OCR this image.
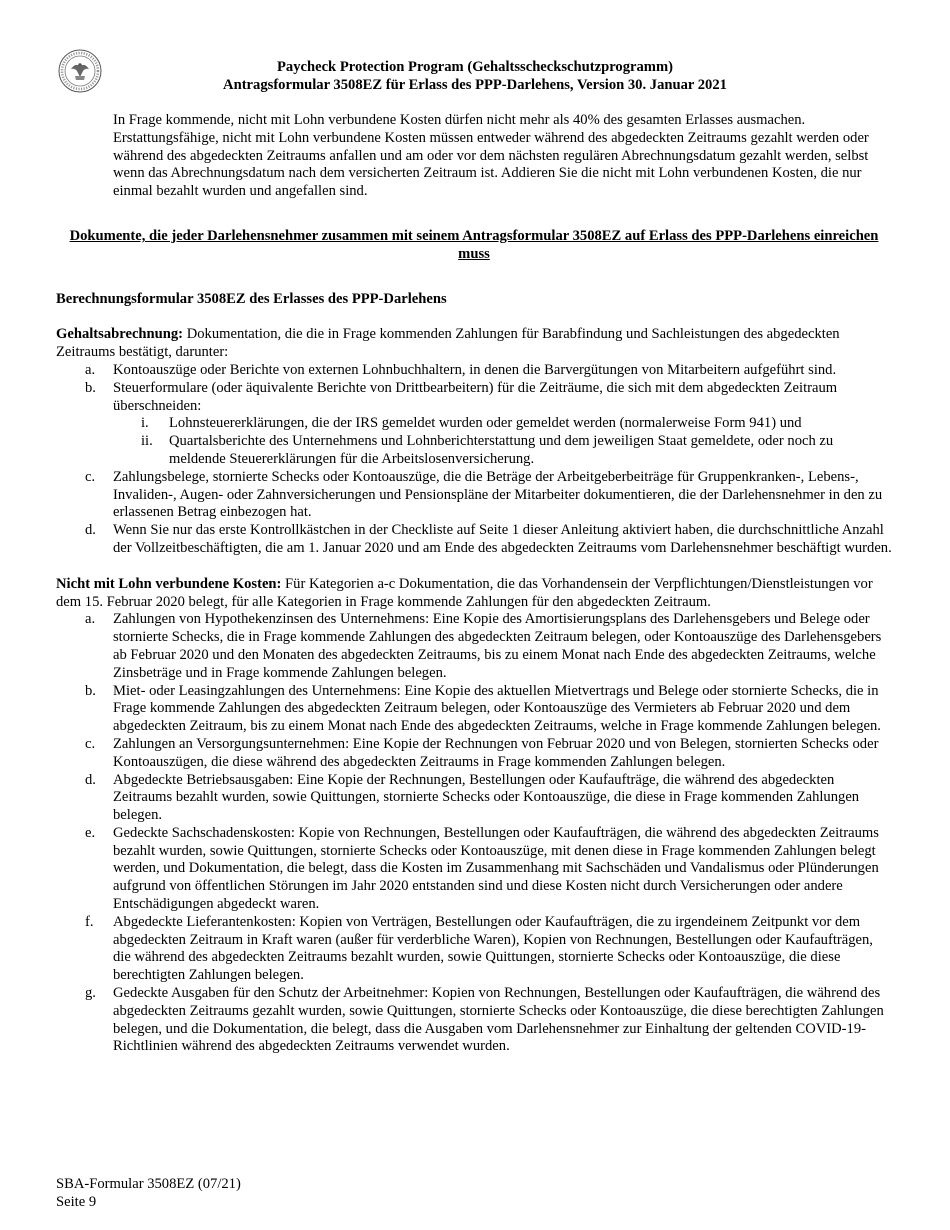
Paycheck Protection Program (Gehaltsscheckschutzprogramm)
Antragsformular 3508EZ für Erlass des PPP-Darlehens, Version 30. Januar 2021

In Frage kommende, nicht mit Lohn verbundene Kosten dürfen nicht mehr als 40% des gesamten Erlasses ausmachen. Erstattungsfähige, nicht mit Lohn verbundene Kosten müssen entweder während des abgedeckten Zeitraums gezahlt werden oder während des abgedeckten Zeitraums anfallen und am oder vor dem nächsten regulären Abrechnungsdatum gezahlt werden, selbst wenn das Abrechnungsdatum nach dem versicherten Zeitraum ist. Addieren Sie die nicht mit Lohn verbundenen Kosten, die nur einmal bezahlt wurden und angefallen sind.

Dokumente, die jeder Darlehensnehmer zusammen mit seinem Antragsformular 3508EZ auf Erlass des PPP-Darlehens einreichen muss
Berechnungsformular 3508EZ des Erlasses des PPP-Darlehens

Gehaltsabrechnung: Dokumentation, die die in Frage kommenden Zahlungen für Barabfindung und Sachleistungen des abgedeckten Zeitraums bestätigt, darunter:

a. Kontoauszüge oder Berichte von externen Lohnbuchhaltern, in denen die Barvergütungen von Mitarbeitern aufgeführt sind.
b. Steuerformulare (oder äquivalente Berichte von Drittbearbeitern) für die Zeiträume, die sich mit dem abgedeckten Zeitraum überschneiden:
i. Lohnsteuererklärungen, die der IRS gemeldet wurden oder gemeldet werden (normalerweise Form 941) und
ii. Quartalsberichte des Unternehmens und Lohnberichterstattung und dem jeweiligen Staat gemeldete, oder noch zu meldende Steuererklärungen für die Arbeitslosenversicherung.
c. Zahlungsbelege, stornierte Schecks oder Kontoauszüge, die die Beträge der Arbeitgeberbeiträge für Gruppenkranken-, Lebens-, Invaliden-, Augen- oder Zahnversicherungen und Pensionspläne der Mitarbeiter dokumentieren, die der Darlehensnehmer in den zu erlassenen Betrag einbezogen hat.
d. Wenn Sie nur das erste Kontrollkästchen in der Checkliste auf Seite 1 dieser Anleitung aktiviert haben, die durchschnittliche Anzahl der Vollzeitbeschäftigten, die am 1. Januar 2020 und am Ende des abgedeckten Zeitraums vom Darlehensnehmer beschäftigt wurden.

Nicht mit Lohn verbundene Kosten: Für Kategorien a-c Dokumentation, die das Vorhandensein der Verpflichtungen/Dienstleistungen vor dem 15. Februar 2020 belegt, für alle Kategorien in Frage kommende Zahlungen für den abgedeckten Zeitraum.

a. Zahlungen von Hypothekenzinsen des Unternehmens: Eine Kopie des Amortisierungsplans des Darlehensgebers und Belege oder stornierte Schecks, die in Frage kommende Zahlungen des abgedeckten Zeitraum belegen, oder Kontoauszüge des Darlehensgebers ab Februar 2020 und den Monaten des abgedeckten Zeitraums, bis zu einem Monat nach Ende des abgedeckten Zeitraums, welche Zinsbeträge und in Frage kommende Zahlungen belegen.
b. Miet- oder Leasingzahlungen des Unternehmens: Eine Kopie des aktuellen Mietvertrags und Belege oder stornierte Schecks, die in Frage kommende Zahlungen des abgedeckten Zeitraum belegen, oder Kontoauszüge des Vermieters ab Februar 2020 und dem abgedeckten Zeitraum, bis zu einem Monat nach Ende des abgedeckten Zeitraums, welche in Frage kommende Zahlungen belegen.
c. Zahlungen an Versorgungsunternehmen: Eine Kopie der Rechnungen von Februar 2020 und von Belegen, stornierten Schecks oder Kontoauszügen, die diese während des abgedeckten Zeitraums in Frage kommenden Zahlungen belegen.
d. Abgedeckte Betriebsausgaben: Eine Kopie der Rechnungen, Bestellungen oder Kaufaufträge, die während des abgedeckten Zeitraums bezahlt wurden, sowie Quittungen, stornierte Schecks oder Kontoauszüge, die diese in Frage kommenden Zahlungen belegen.
e. Gedeckte Sachschadenskosten: Kopie von Rechnungen, Bestellungen oder Kaufaufträgen, die während des abgedeckten Zeitraums bezahlt wurden, sowie Quittungen, stornierte Schecks oder Kontoauszüge, mit denen diese in Frage kommenden Zahlungen belegt werden, und Dokumentation, die belegt, dass die Kosten im Zusammenhang mit Sachschäden und Vandalismus oder Plünderungen aufgrund von öffentlichen Störungen im Jahr 2020 entstanden sind und diese Kosten nicht durch Versicherungen oder andere Entschädigungen abgedeckt waren.
f. Abgedeckte Lieferantenkosten: Kopien von Verträgen, Bestellungen oder Kaufaufträgen, die zu irgendeinem Zeitpunkt vor dem abgedeckten Zeitraum in Kraft waren (außer für verderbliche Waren), Kopien von Rechnungen, Bestellungen oder Kaufaufträgen, die während des abgedeckten Zeitraums bezahlt wurden, sowie Quittungen, stornierte Schecks oder Kontoauszüge, die diese berechtigten Zahlungen belegen.
g. Gedeckte Ausgaben für den Schutz der Arbeitnehmer: Kopien von Rechnungen, Bestellungen oder Kaufaufträgen, die während des abgedeckten Zeitraums gezahlt wurden, sowie Quittungen, stornierte Schecks oder Kontoauszüge, die diese berechtigten Zahlungen belegen, und die Dokumentation, die belegt, dass die Ausgaben vom Darlehensnehmer zur Einhaltung der geltenden COVID-19-Richtlinien während des abgedeckten Zeitraums verwendet wurden.
SBA-Formular 3508EZ (07/21)
Seite 9
